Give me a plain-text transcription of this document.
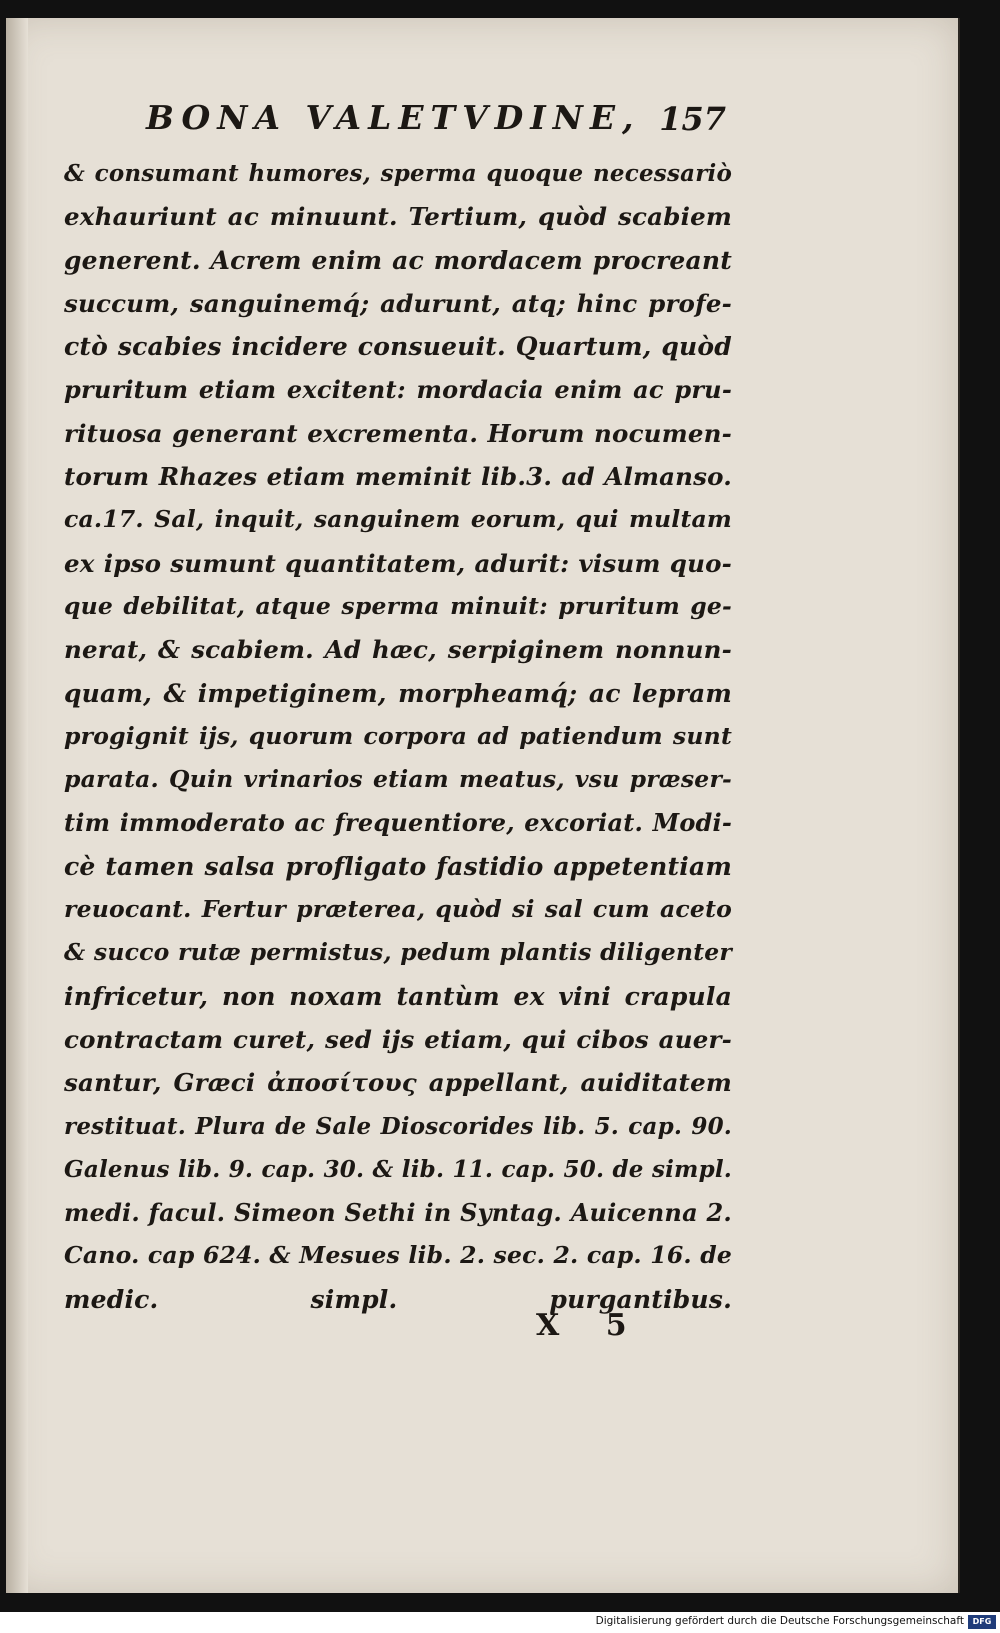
BONA VALETVDINE, 157
& consumant humores, sperma quoque necessariò
exhauriunt ac minuunt. Tertium, quòd scabiem
generent. Acrem enim ac mordacem procreant
succum, sanguinemq́; adurunt, atq; hinc profe-
ctò scabies incidere consueuit. Quartum, quòd
pruritum etiam excitent: mordacia enim ac pru-
rituosa generant excrementa. Horum nocumen-
torum Rhazes etiam meminit lib.3. ad Almanso.
ca.17. Sal, inquit, sanguinem eorum, qui multam
ex ipso sumunt quantitatem, adurit: visum quo-
que debilitat, atque sperma minuit: pruritum ge-
nerat, & scabiem. Ad hæc, serpiginem nonnun-
quam, & impetiginem, morpheamq́; ac lepram
progignit ijs, quorum corpora ad patiendum sunt
parata. Quin vrinarios etiam meatus, vsu præser-
tim immoderato ac frequentiore, excoriat. Modi-
cè tamen salsa profligato fastidio appetentiam
reuocant. Fertur præterea, quòd si sal cum aceto
& succo rutæ permistus, pedum plantis diligenter
infricetur, non noxam tantùm ex vini crapula
contractam curet, sed ijs etiam, qui cibos auer-
santur, Græci ἀποσίτους appellant, auiditatem
restituat. Plura de Sale Dioscorides lib. 5. cap. 90.
Galenus lib. 9. cap. 30. & lib. 11. cap. 50. de simpl.
medi. facul. Simeon Sethi in Syntag. Auicenna 2.
Cano. cap 624. & Mesues lib. 2. sec. 2. cap. 16. de
medic. simpl. purgantibus.
X 5
Digitalisierung gefördert durch die Deutsche Forschungsgemeinschaft	DFG
